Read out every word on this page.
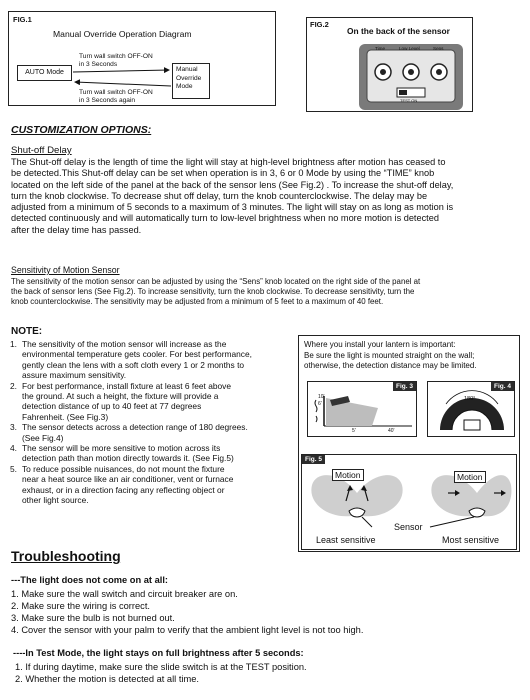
FIG.1
Manual Override Operation Diagram
AUTO Mode	Manual
Override
Mode
Turn wall switch OFF-ON
in 3 Seconds
Turn wall switch OFF-ON
in 3 Seconds again
FIG.2
On the back of the sensor
Time	Low Level	Sens
TEST ON
CUSTOMIZATION OPTIONS:
Shut-off Delay
The Shut-off delay is the length of time the light will stay at high-level brightness after motion has ceased to
be detected.This Shut-off delay can be set when operation is in 3, 6 or 0 Mode by using the “TIME” knob
located on the left side of the panel at the back of the sensor lens (See Fig.2) . To increase the shut-off delay,
turn the knob clockwise. To decrease shut off delay, turn the knob counterclockwise. The delay may be
adjusted from a minimum of 5 seconds to a maximum of 3 minutes. The light will stay on as long as motion is
detected continuously and will automatically turn to low-level brightness when no more motion is detected
after the delay time has passed.
Sensitivity of Motion Sensor
The sensitivity of the motion sensor can be adjusted by using the “Sens” knob located on the right side of the panel at
the back of sensor lens (See Fig.2). To increase sensitivity, turn the knob clockwise. To decrease sensitivity, turn the
knob counterclockwise. The sensitivity may be adjusted from a minimum of 5 feet to a maximum of 40 feet.
NOTE:
1. The sensitivity of the motion sensor will increase as the
environmental temperature gets cooler. For best performance,
gently clean the lens with a soft cloth every 1 or 2 months to
assure maximum sensitivity.
2. For best performance, install fixture at least 6 feet above
the ground. At such a height, the fixture will provide a
detection distance of up to 40 feet at 77 degrees
Fahrenheit. (See Fig.3)
3. The sensor detects across a detection range of 180 degrees.
(See Fig.4)
4. The sensor will be more sensitive to motion across its
detection path than motion directly towards it. (See Fig.5)
5. To reduce possible nuisances, do not mount the fixture
near a heat source like an air conditioner, vent or furnace
exhaust, or in a direction facing any reflecting object or
other light source.
Where you install your lantern is important:
Be sure the light is mounted straight on the wall;
otherwise, the detection distance may be limited.
Fig. 3
10'
6'
5'	40'
Fig. 4
180°
Fig. 5
Motion	Motion
Sensor
Least sensitive	Most sensitive
Troubleshooting
---The light does not come on at all:
1. Make sure the wall switch and circuit breaker are on.
2. Make sure the wiring is correct.
3. Make sure the bulb is not burned out.
4. Cover the sensor with your palm to verify that the ambient light level is not too high.
----In Test Mode, the light stays on full brightness after 5 seconds:
1. If during daytime, make sure the slide switch is at the TEST position.
2. Whether the motion is detected at all time.
